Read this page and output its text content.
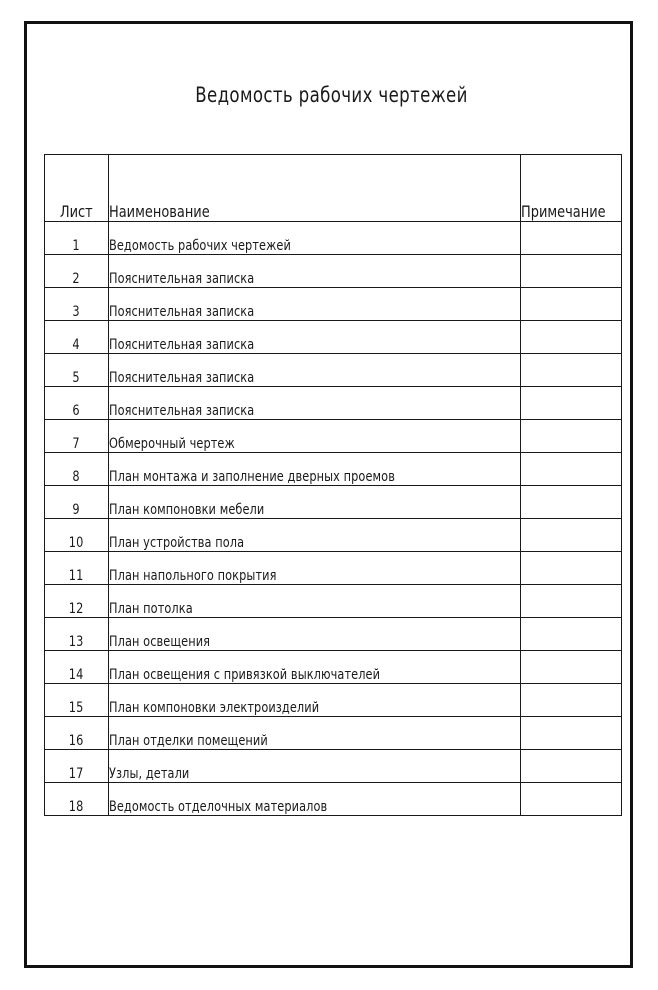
Ведомость рабочих чертежей
Лист	Наименование	Примечание
1	Ведомость рабочих чертежей	
2	Пояснительная записка	
3	Пояснительная записка	
4	Пояснительная записка	
5	Пояснительная записка	
6	Пояснительная записка	
7	Обмерочный чертеж	
8	План монтажа и заполнение дверных проемов	
9	План компоновки мебели	
10	План устройства пола	
11	План напольного покрытия	
12	План потолка	
13	План освещения	
14	План освещения с привязкой выключателей	
15	План компоновки электроизделий	
16	План отделки помещений	
17	Узлы, детали	
18	Ведомость отделочных материалов	
